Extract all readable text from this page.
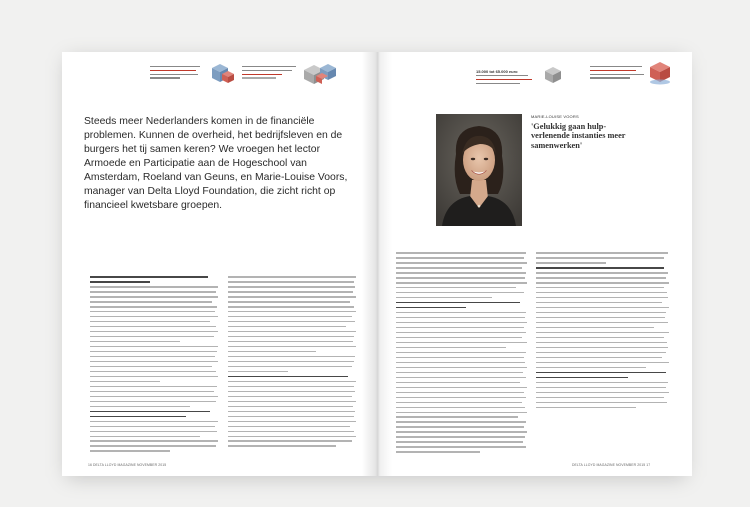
16 DELTA LLOYD MAGAZINE NOVEMBER 2015
15.000 tot 65.000 euro
DELTA LLOYD MAGAZINE NOVEMBER 2015 17

Steeds meer Nederlanders komen in de financiële problemen. Kunnen de overheid, het bedrijfsleven en de burgers het tij samen keren? We vroegen het lector Armoede en Participatie aan de Hogeschool van Amsterdam, Roeland van Geuns, en Marie-Louise Voors, manager van Delta Lloyd Foundation, die zicht richt op financieel kwetsbare groepen.

MARIE-LOUISE VOORS

'Gelukkig gaan hulp-verlenende instanties meer samenwerken'
